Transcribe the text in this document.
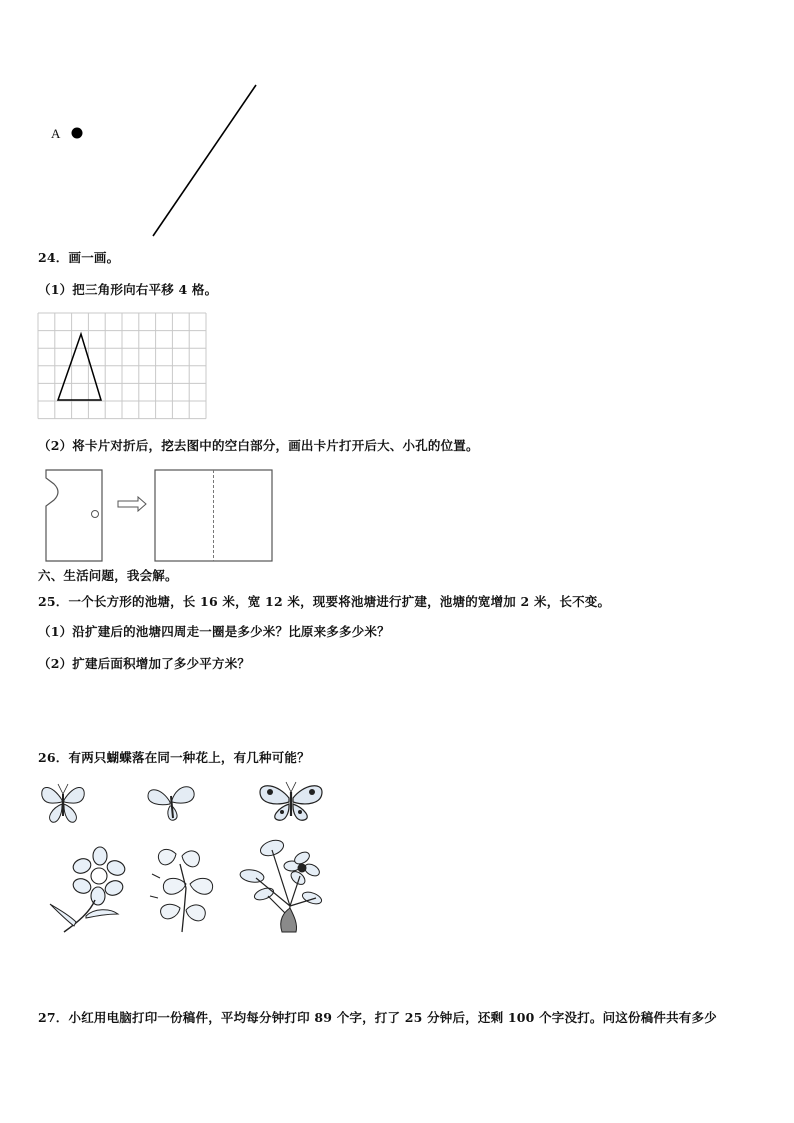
A
24．画一画。
（1）把三角形向右平移 4 格。
（2）将卡片对折后，挖去图中的空白部分，画出卡片打开后大、小孔的位置。
六、生活问题，我会解。
25．一个长方形的池塘，长 16 米，宽 12 米，现要将池塘进行扩建，池塘的宽增加 2 米，长不变。
（1）沿扩建后的池塘四周走一圈是多少米？比原来多多少米？
（2）扩建后面积增加了多少平方米？
26．有两只蝴蝶落在同一种花上，有几种可能？
27．小红用电脑打印一份稿件，平均每分钟打印 89 个字，打了 25 分钟后，还剩 100 个字没打。问这份稿件共有多少
